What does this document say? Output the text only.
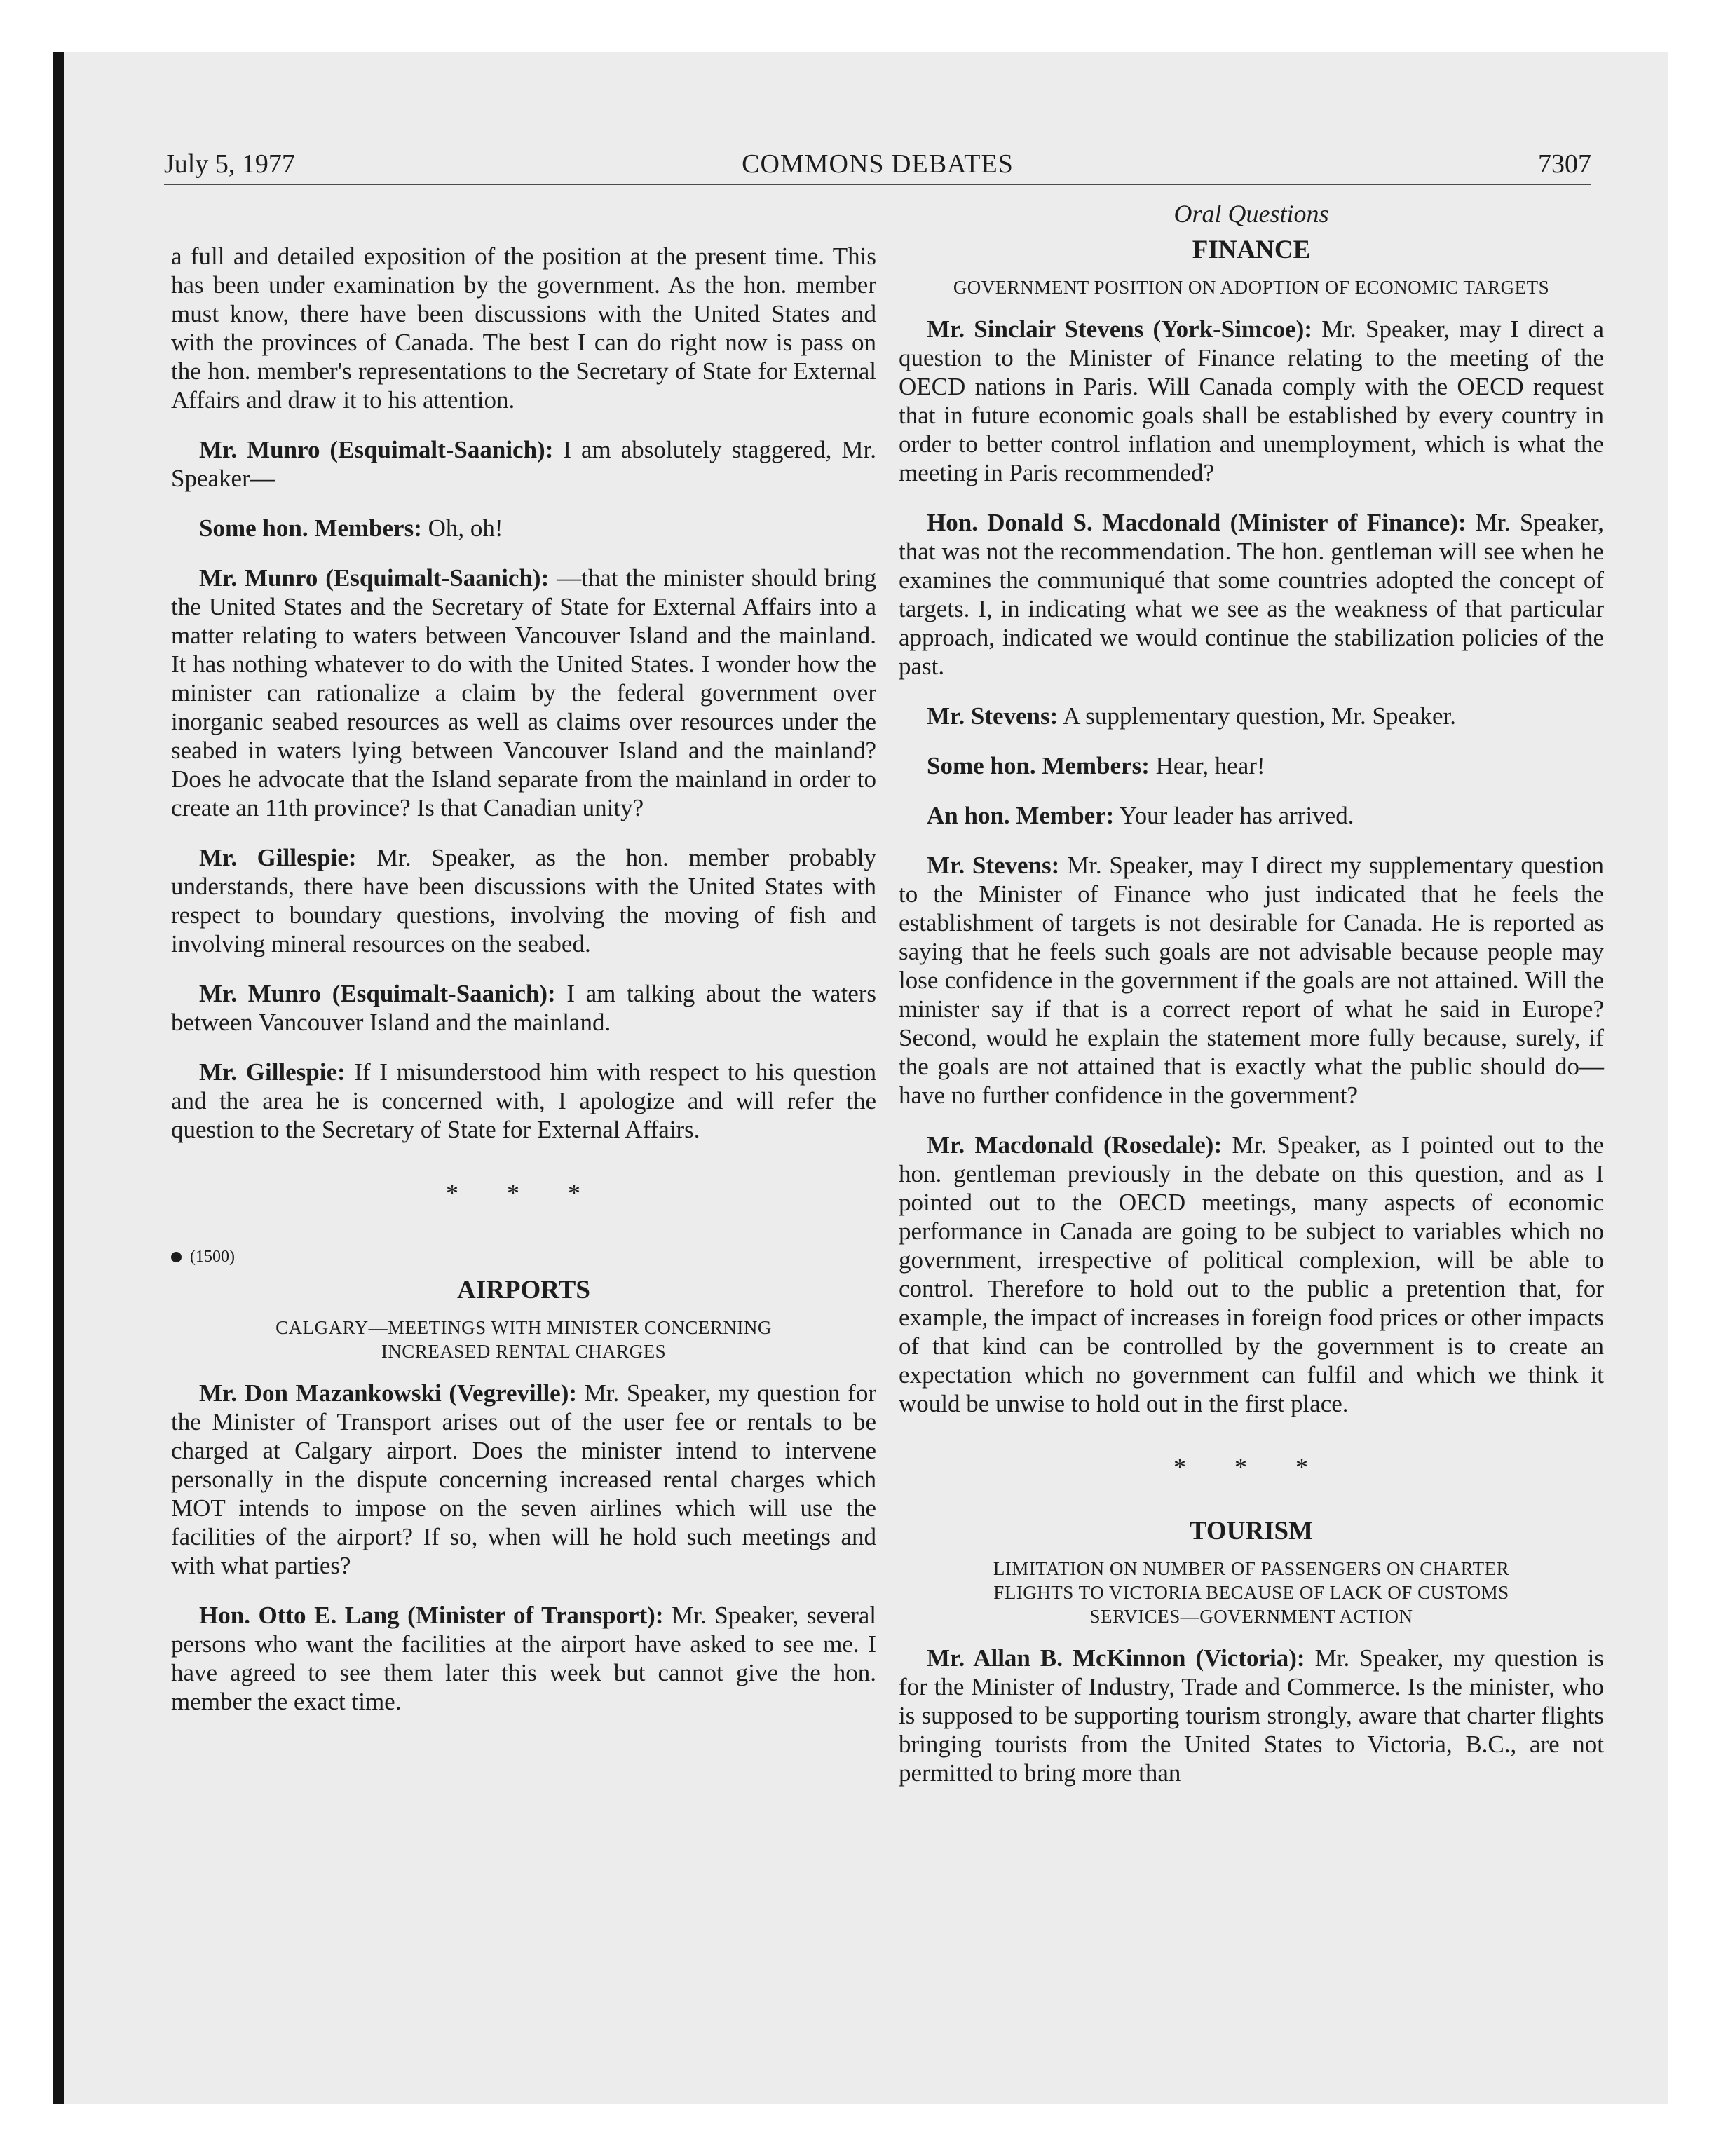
July 5, 1977	COMMONS DEBATES	7307

a full and detailed exposition of the position at the present time. This has been under examination by the government. As the hon. member must know, there have been discussions with the United States and with the provinces of Canada. The best I can do right now is pass on the hon. member's representations to the Secretary of State for External Affairs and draw it to his attention.

Mr. Munro (Esquimalt-Saanich): I am absolutely staggered, Mr. Speaker—

Some hon. Members: Oh, oh!

Mr. Munro (Esquimalt-Saanich): —that the minister should bring the United States and the Secretary of State for External Affairs into a matter relating to waters between Vancouver Island and the mainland. It has nothing whatever to do with the United States. I wonder how the minister can rationalize a claim by the federal government over inorganic seabed resources as well as claims over resources under the seabed in waters lying between Vancouver Island and the mainland? Does he advocate that the Island separate from the mainland in order to create an 11th province? Is that Canadian unity?

Mr. Gillespie: Mr. Speaker, as the hon. member probably understands, there have been discussions with the United States with respect to boundary questions, involving the moving of fish and involving mineral resources on the seabed.

Mr. Munro (Esquimalt-Saanich): I am talking about the waters between Vancouver Island and the mainland.

Mr. Gillespie: If I misunderstood him with respect to his question and the area he is concerned with, I apologize and will refer the question to the Secretary of State for External Affairs.

* * *
(1500)
AIRPORTS
CALGARY—MEETINGS WITH MINISTER CONCERNING
INCREASED RENTAL CHARGES

Mr. Don Mazankowski (Vegreville): Mr. Speaker, my question for the Minister of Transport arises out of the user fee or rentals to be charged at Calgary airport. Does the minister intend to intervene personally in the dispute concerning increased rental charges which MOT intends to impose on the seven airlines which will use the facilities of the airport? If so, when will he hold such meetings and with what parties?

Hon. Otto E. Lang (Minister of Transport): Mr. Speaker, several persons who want the facilities at the airport have asked to see me. I have agreed to see them later this week but cannot give the hon. member the exact time.

Oral Questions
FINANCE
GOVERNMENT POSITION ON ADOPTION OF ECONOMIC TARGETS

Mr. Sinclair Stevens (York-Simcoe): Mr. Speaker, may I direct a question to the Minister of Finance relating to the meeting of the OECD nations in Paris. Will Canada comply with the OECD request that in future economic goals shall be established by every country in order to better control inflation and unemployment, which is what the meeting in Paris recommended?

Hon. Donald S. Macdonald (Minister of Finance): Mr. Speaker, that was not the recommendation. The hon. gentleman will see when he examines the communiqué that some countries adopted the concept of targets. I, in indicating what we see as the weakness of that particular approach, indicated we would continue the stabilization policies of the past.

Mr. Stevens: A supplementary question, Mr. Speaker.

Some hon. Members: Hear, hear!

An hon. Member: Your leader has arrived.

Mr. Stevens: Mr. Speaker, may I direct my supplementary question to the Minister of Finance who just indicated that he feels the establishment of targets is not desirable for Canada. He is reported as saying that he feels such goals are not advisable because people may lose confidence in the government if the goals are not attained. Will the minister say if that is a correct report of what he said in Europe? Second, would he explain the statement more fully because, surely, if the goals are not attained that is exactly what the public should do—have no further confidence in the government?

Mr. Macdonald (Rosedale): Mr. Speaker, as I pointed out to the hon. gentleman previously in the debate on this question, and as I pointed out to the OECD meetings, many aspects of economic performance in Canada are going to be subject to variables which no government, irrespective of political complexion, will be able to control. Therefore to hold out to the public a pretention that, for example, the impact of increases in foreign food prices or other impacts of that kind can be controlled by the government is to create an expectation which no government can fulfil and which we think it would be unwise to hold out in the first place.

* * *
TOURISM
LIMITATION ON NUMBER OF PASSENGERS ON CHARTER
FLIGHTS TO VICTORIA BECAUSE OF LACK OF CUSTOMS
SERVICES—GOVERNMENT ACTION

Mr. Allan B. McKinnon (Victoria): Mr. Speaker, my question is for the Minister of Industry, Trade and Commerce. Is the minister, who is supposed to be supporting tourism strongly, aware that charter flights bringing tourists from the United States to Victoria, B.C., are not permitted to bring more than
